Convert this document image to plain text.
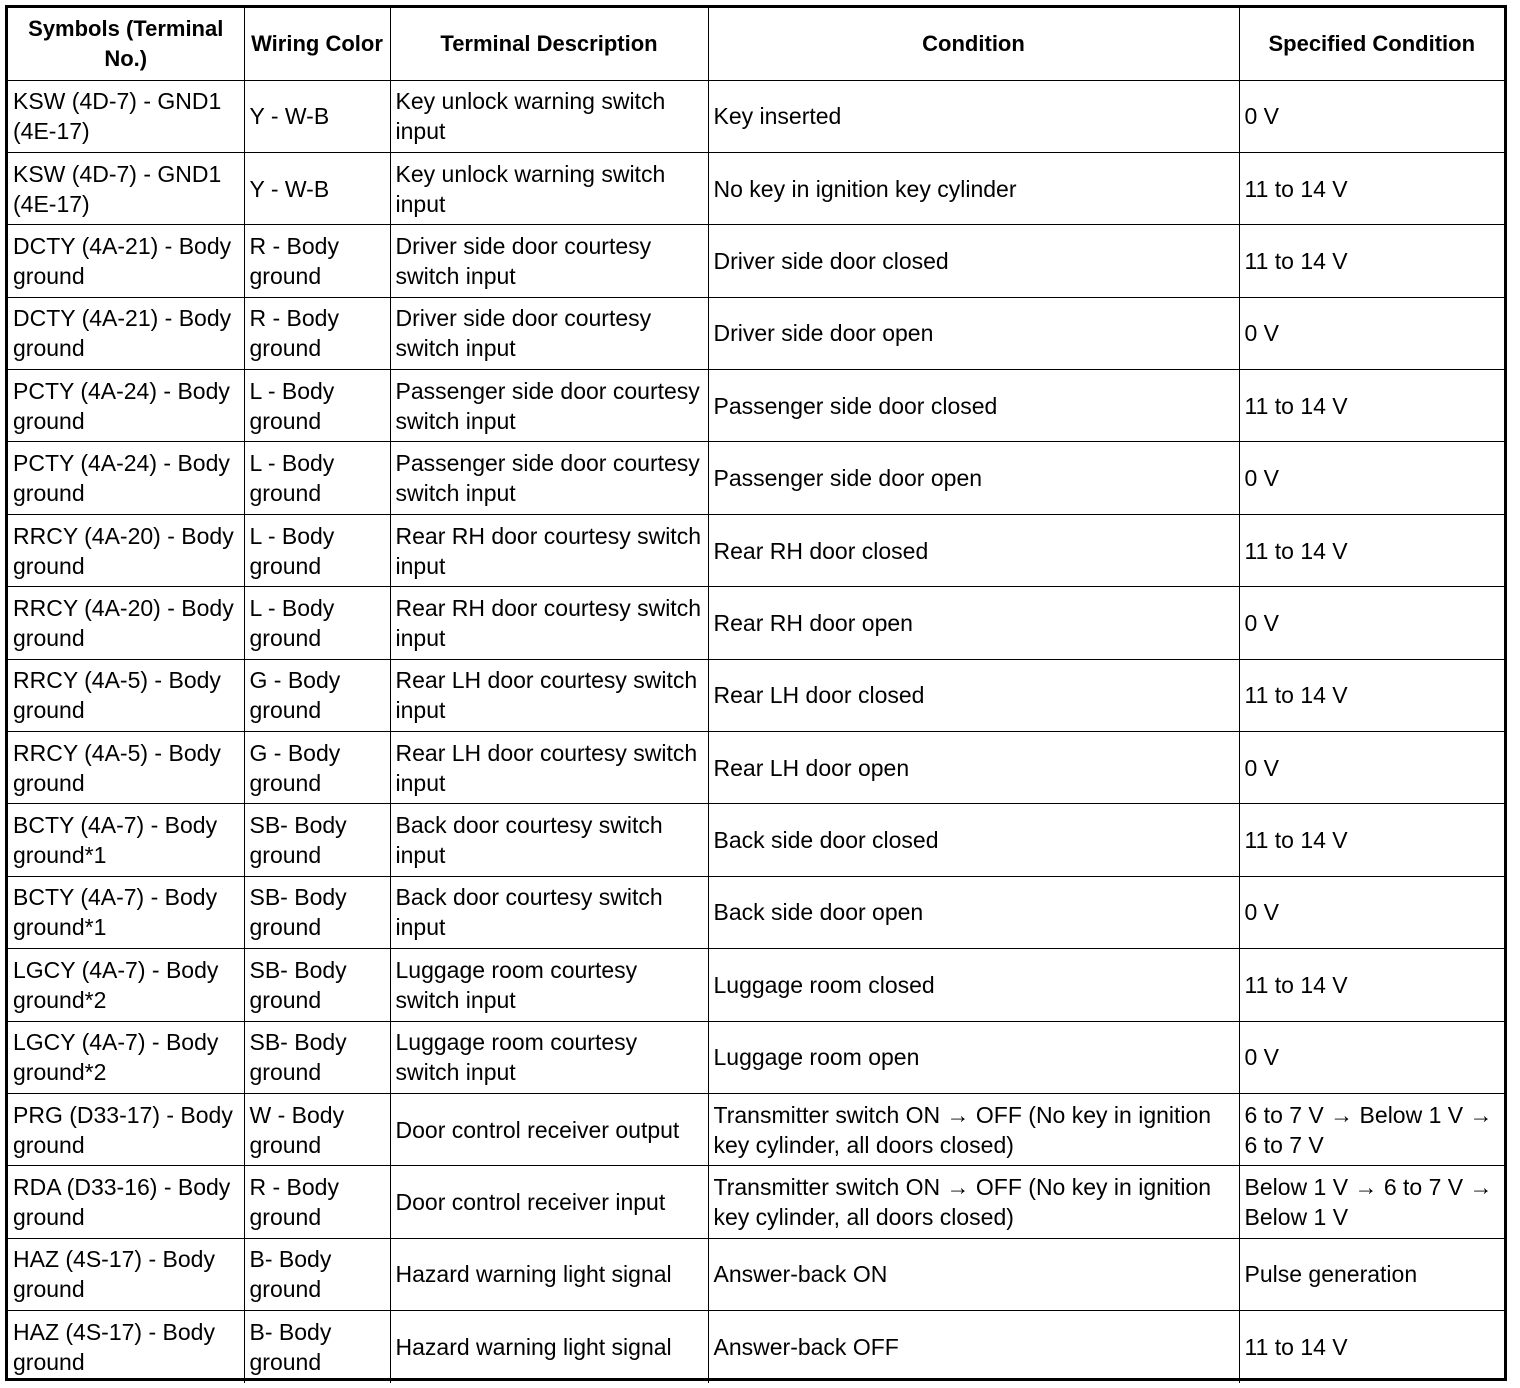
Symbols (Terminal No.)	Wiring Color	Terminal Description	Condition	Specified Condition
KSW (4D-7) - GND1 (4E-17)	Y - W-B	Key unlock warning switch input	Key inserted	0 V
KSW (4D-7) - GND1 (4E-17)	Y - W-B	Key unlock warning switch input	No key in ignition key cylinder	11 to 14 V
DCTY (4A-21) - Body ground	R - Body ground	Driver side door courtesy switch input	Driver side door closed	11 to 14 V
DCTY (4A-21) - Body ground	R - Body ground	Driver side door courtesy switch input	Driver side door open	0 V
PCTY (4A-24) - Body ground	L - Body ground	Passenger side door courtesy switch input	Passenger side door closed	11 to 14 V
PCTY (4A-24) - Body ground	L - Body ground	Passenger side door courtesy switch input	Passenger side door open	0 V
RRCY (4A-20) - Body ground	L - Body ground	Rear RH door courtesy switch input	Rear RH door closed	11 to 14 V
RRCY (4A-20) - Body ground	L - Body ground	Rear RH door courtesy switch input	Rear RH door open	0 V
RRCY (4A-5) - Body ground	G - Body ground	Rear LH door courtesy switch input	Rear LH door closed	11 to 14 V
RRCY (4A-5) - Body ground	G - Body ground	Rear LH door courtesy switch input	Rear LH door open	0 V
BCTY (4A-7) - Body ground*1	SB- Body ground	Back door courtesy switch input	Back side door closed	11 to 14 V
BCTY (4A-7) - Body ground*1	SB- Body ground	Back door courtesy switch input	Back side door open	0 V
LGCY (4A-7) - Body ground*2	SB- Body ground	Luggage room courtesy switch input	Luggage room closed	11 to 14 V
LGCY (4A-7) - Body ground*2	SB- Body ground	Luggage room courtesy switch input	Luggage room open	0 V
PRG (D33-17) - Body ground	W - Body ground	Door control receiver output	Transmitter switch ON → OFF (No key in ignition key cylinder, all doors closed)	6 to 7 V → Below 1 V → 6 to 7 V
RDA (D33-16) - Body ground	R - Body ground	Door control receiver input	Transmitter switch ON → OFF (No key in ignition key cylinder, all doors closed)	Below 1 V → 6 to 7 V → Below 1 V
HAZ (4S-17) - Body ground	B- Body ground	Hazard warning light signal	Answer-back ON	Pulse generation
HAZ (4S-17) - Body ground	B- Body ground	Hazard warning light signal	Answer-back OFF	11 to 14 V
